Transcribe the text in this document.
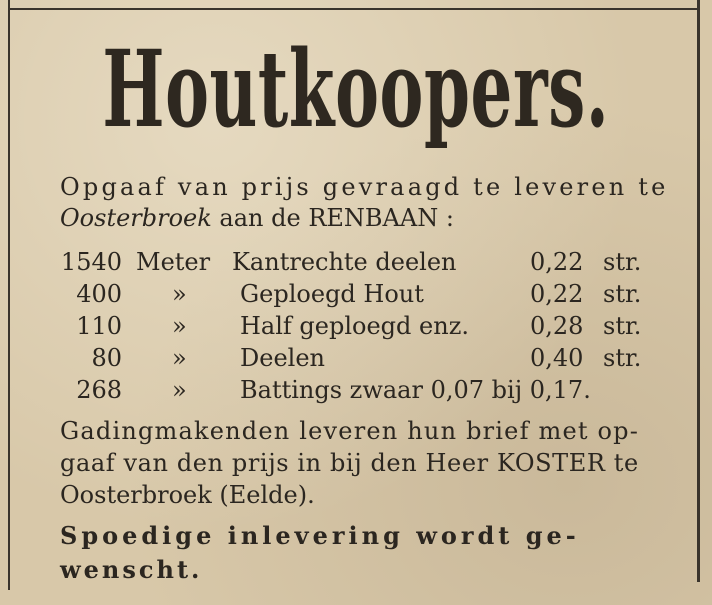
Houtkoopers.
Opgaaf van prijs gevraagd te leveren te
Oosterbroek aan de RENBAAN :
1540 Meter Kantrechte deelen	0,22 str.
400 » Geploegd Hout	0,22 str.
110 » Half geploegd enz.	0,28 str.
80 » Deelen	0,40 str.
268 » Battings zwaar 0,07 bij 0,17.
Gadingmakenden leveren hun brief met op-
gaaf van den prijs in bij den Heer KOSTER te
Oosterbroek (Eelde).
Spoedige inlevering wordt ge-
wenscht.
